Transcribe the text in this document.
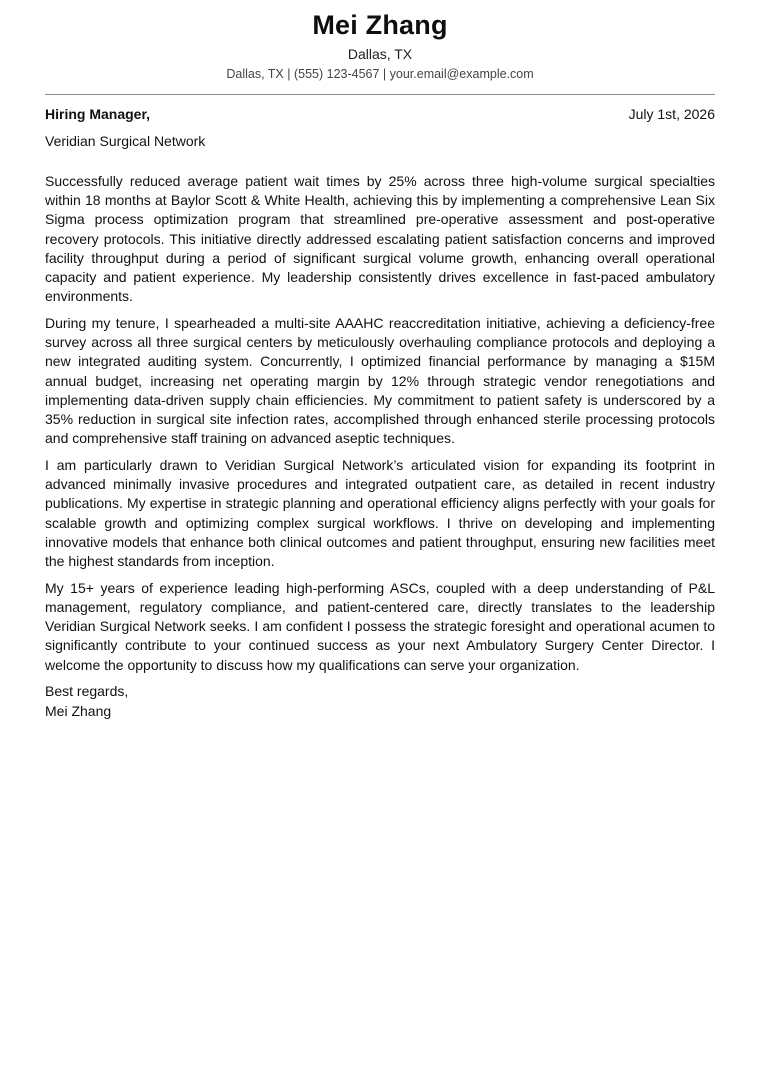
Mei Zhang
Dallas, TX
Dallas, TX | (555) 123-4567 | your.email@example.com
Hiring Manager,	July 1st, 2026
Veridian Surgical Network

Successfully reduced average patient wait times by 25% across three high-volume surgical specialties within 18 months at Baylor Scott & White Health, achieving this by implementing a comprehensive Lean Six Sigma process optimization program that streamlined pre-operative assessment and post-operative recovery protocols. This initiative directly addressed escalating patient satisfaction concerns and improved facility throughput during a period of significant surgical volume growth, enhancing overall operational capacity and patient experience. My leadership consistently drives excellence in fast-paced ambulatory environments.

During my tenure, I spearheaded a multi-site AAAHC reaccreditation initiative, achieving a deficiency-free survey across all three surgical centers by meticulously overhauling compliance protocols and deploying a new integrated auditing system. Concurrently, I optimized financial performance by managing a $15M annual budget, increasing net operating margin by 12% through strategic vendor renegotiations and implementing data-driven supply chain efficiencies. My commitment to patient safety is underscored by a 35% reduction in surgical site infection rates, accomplished through enhanced sterile processing protocols and comprehensive staff training on advanced aseptic techniques.

I am particularly drawn to Veridian Surgical Network’s articulated vision for expanding its footprint in advanced minimally invasive procedures and integrated outpatient care, as detailed in recent industry publications. My expertise in strategic planning and operational efficiency aligns perfectly with your goals for scalable growth and optimizing complex surgical workflows. I thrive on developing and implementing innovative models that enhance both clinical outcomes and patient throughput, ensuring new facilities meet the highest standards from inception.

My 15+ years of experience leading high-performing ASCs, coupled with a deep understanding of P&L management, regulatory compliance, and patient-centered care, directly translates to the leadership Veridian Surgical Network seeks. I am confident I possess the strategic foresight and operational acumen to significantly contribute to your continued success as your next Ambulatory Surgery Center Director. I welcome the opportunity to discuss how my qualifications can serve your organization.

Best regards,
Mei Zhang
